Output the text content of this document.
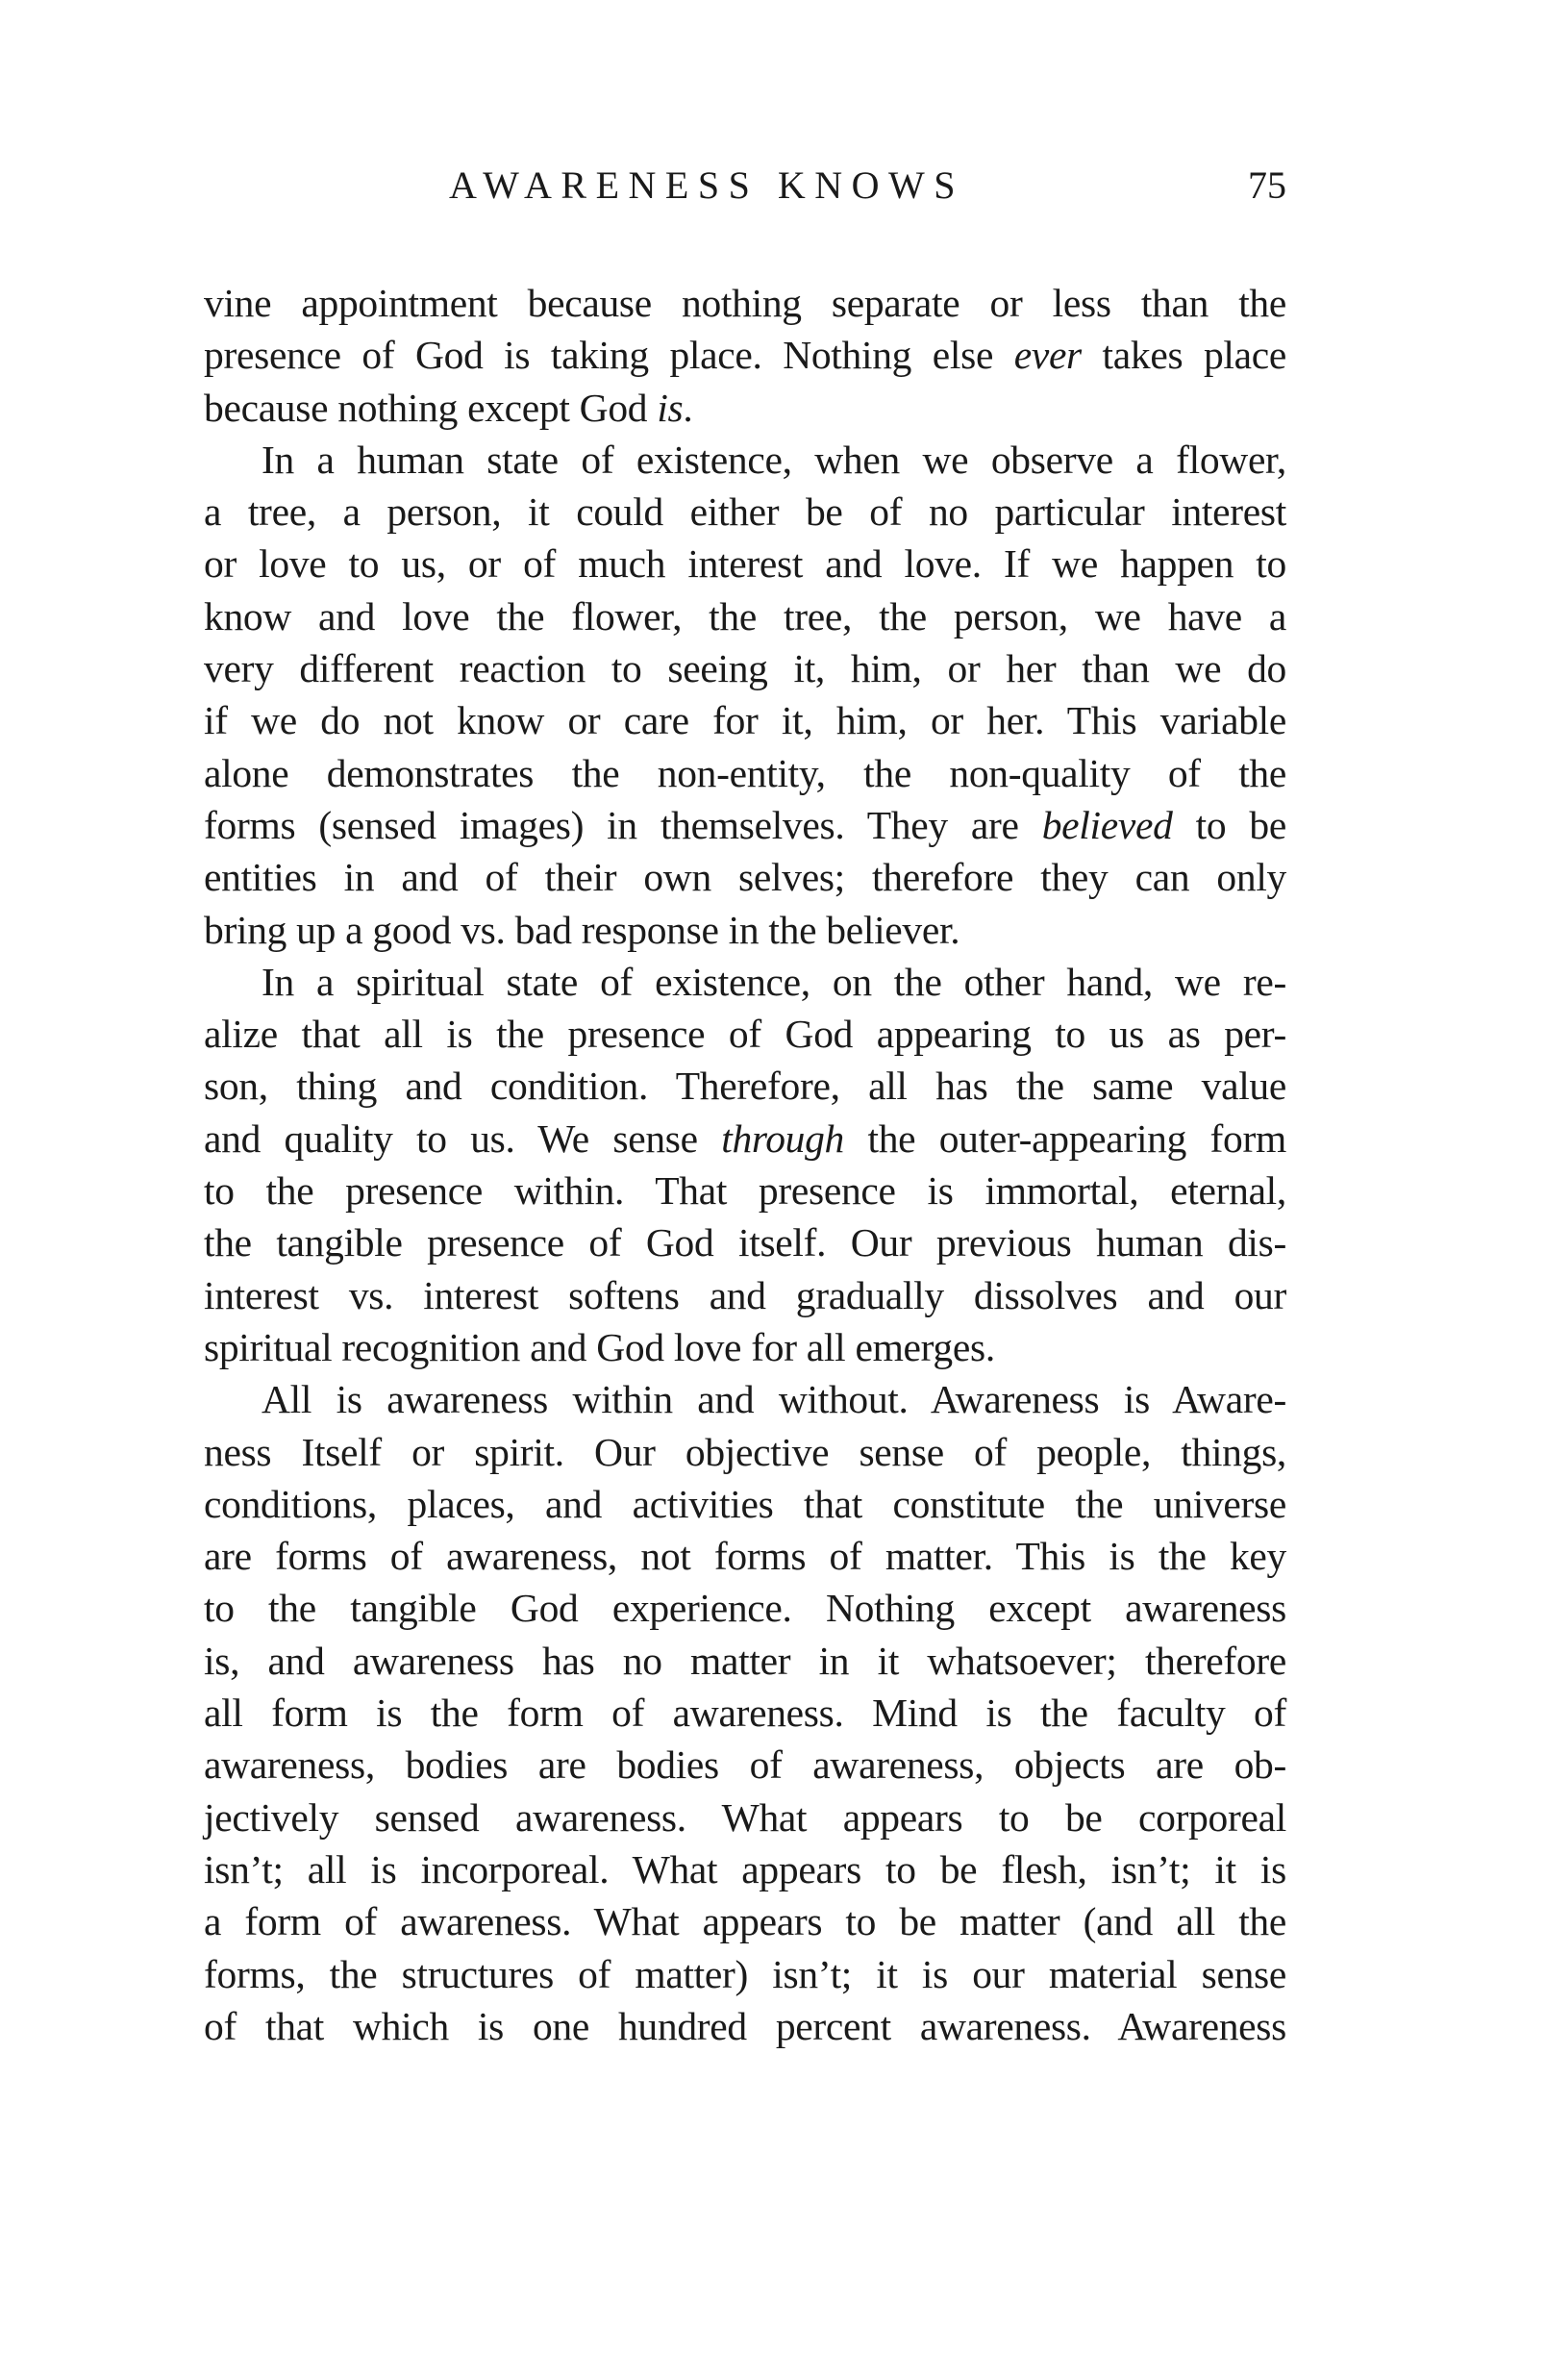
AWARENESS KNOWS	75
vine appointment because nothing separate or less than the
presence of God is taking place. Nothing else ever takes place
because nothing except God is.
In a human state of existence, when we observe a flower,
a tree, a person, it could either be of no particular interest
or love to us, or of much interest and love. If we happen to
know and love the flower, the tree, the person, we have a
very different reaction to seeing it, him, or her than we do
if we do not know or care for it, him, or her. This variable
alone demonstrates the non-entity, the non-quality of the
forms (sensed images) in themselves. They are believed to be
entities in and of their own selves; therefore they can only
bring up a good vs. bad response in the believer.
In a spiritual state of existence, on the other hand, we re-
alize that all is the presence of God appearing to us as per-
son, thing and condition. Therefore, all has the same value
and quality to us. We sense through the outer-appearing form
to the presence within. That presence is immortal, eternal,
the tangible presence of God itself. Our previous human dis-
interest vs. interest softens and gradually dissolves and our
spiritual recognition and God love for all emerges.
All is awareness within and without. Awareness is Aware-
ness Itself or spirit. Our objective sense of people, things,
conditions, places, and activities that constitute the universe
are forms of awareness, not forms of matter. This is the key
to the tangible God experience. Nothing except awareness
is, and awareness has no matter in it whatsoever; therefore
all form is the form of awareness. Mind is the faculty of
awareness, bodies are bodies of awareness, objects are ob-
jectively sensed awareness. What appears to be corporeal
isn’t; all is incorporeal. What appears to be flesh, isn’t; it is
a form of awareness. What appears to be matter (and all the
forms, the structures of matter) isn’t; it is our material sense
of that which is one hundred percent awareness. Awareness
